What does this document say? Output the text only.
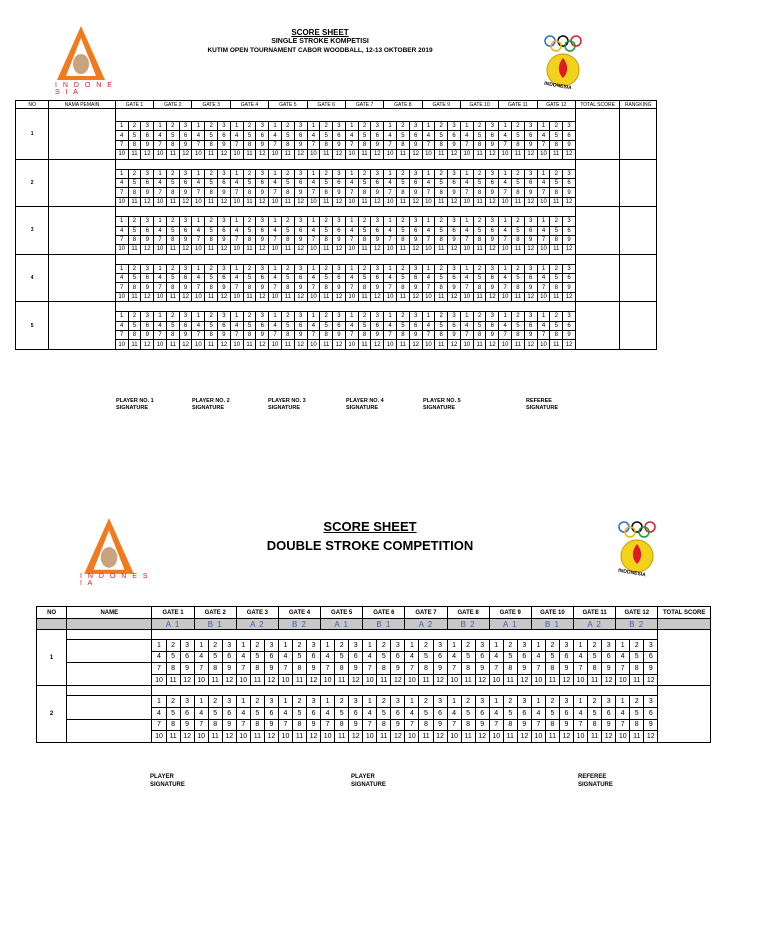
I N D O N E S I A
SCORE SHEET
SINGLE STROKE KOMPETISI
KUTIM OPEN TOURNAMENT CABOR WOODBALL, 12-13 OKTOBER 2019
INDONESIA
NO	NAMA PEMAIN	GATE 1			GATE 2			GATE 3			GATE 4			GATE 5			GATE 6			GATE 7			GATE 8			GATE 9			GATE 10			GATE 11			GATE 12			TOTAL SCORE	RANGKING
1																																							
		1	2	3	1	2	3	1	2	3	1	2	3	1	2	3	1	2	3	1	2	3	1	2	3	1	2	3	1	2	3	1	2	3	1	2	3		
		4	5	6	4	5	6	4	5	6	4	5	6	4	5	6	4	5	6	4	5	6	4	5	6	4	5	6	4	5	6	4	5	6	4	5	6		
		7	8	9	7	8	9	7	8	9	7	8	9	7	8	9	7	8	9	7	8	9	7	8	9	7	8	9	7	8	9	7	8	9	7	8	9		
		10	11	12	10	11	12	10	11	12	10	11	12	10	11	12	10	11	12	10	11	12	10	11	12	10	11	12	10	11	12	10	11	12	10	11	12		
2																																							
		1	2	3	1	2	3	1	2	3	1	2	3	1	2	3	1	2	3	1	2	3	1	2	3	1	2	3	1	2	3	1	2	3	1	2	3		
		4	5	6	4	5	6	4	5	6	4	5	6	4	5	6	4	5	6	4	5	6	4	5	6	4	5	6	4	5	6	4	5	6	4	5	6		
		7	8	9	7	8	9	7	8	9	7	8	9	7	8	9	7	8	9	7	8	9	7	8	9	7	8	9	7	8	9	7	8	9	7	8	9		
		10	11	12	10	11	12	10	11	12	10	11	12	10	11	12	10	11	12	10	11	12	10	11	12	10	11	12	10	11	12	10	11	12	10	11	12		
3																																							
		1	2	3	1	2	3	1	2	3	1	2	3	1	2	3	1	2	3	1	2	3	1	2	3	1	2	3	1	2	3	1	2	3	1	2	3		
		4	5	6	4	5	6	4	5	6	4	5	6	4	5	6	4	5	6	4	5	6	4	5	6	4	5	6	4	5	6	4	5	6	4	5	6		
		7	8	9	7	8	9	7	8	9	7	8	9	7	8	9	7	8	9	7	8	9	7	8	9	7	8	9	7	8	9	7	8	9	7	8	9		
		10	11	12	10	11	12	10	11	12	10	11	12	10	11	12	10	11	12	10	11	12	10	11	12	10	11	12	10	11	12	10	11	12	10	11	12		
4																																							
		1	2	3	1	2	3	1	2	3	1	2	3	1	2	3	1	2	3	1	2	3	1	2	3	1	2	3	1	2	3	1	2	3	1	2	3		
		4	5	6	4	5	6	4	5	6	4	5	6	4	5	6	4	5	6	4	5	6	4	5	6	4	5	6	4	5	6	4	5	6	4	5	6		
		7	8	9	7	8	9	7	8	9	7	8	9	7	8	9	7	8	9	7	8	9	7	8	9	7	8	9	7	8	9	7	8	9	7	8	9		
		10	11	12	10	11	12	10	11	12	10	11	12	10	11	12	10	11	12	10	11	12	10	11	12	10	11	12	10	11	12	10	11	12	10	11	12		
5																																							
		1	2	3	1	2	3	1	2	3	1	2	3	1	2	3	1	2	3	1	2	3	1	2	3	1	2	3	1	2	3	1	2	3	1	2	3		
		4	5	6	4	5	6	4	5	6	4	5	6	4	5	6	4	5	6	4	5	6	4	5	6	4	5	6	4	5	6	4	5	6	4	5	6		
		7	8	9	7	8	9	7	8	9	7	8	9	7	8	9	7	8	9	7	8	9	7	8	9	7	8	9	7	8	9	7	8	9	7	8	9		
		10	11	12	10	11	12	10	11	12	10	11	12	10	11	12	10	11	12	10	11	12	10	11	12	10	11	12	10	11	12	10	11	12	10	11	12		
PLAYER NO. 1
SIGNATURE
PLAYER NO. 2
SIGNATURE
PLAYER NO. 3
SIGNATURE
PLAYER NO. 4
SIGNATURE
PLAYER NO. 5
SIGNATURE
REFEREE
SIGNATURE
I N D O N E S I A
SCORE SHEET
DOUBLE STROKE COMPETITION
INDONESIA
NO	NAME	GATE 1			GATE 2			GATE 3			GATE 4			GATE 5			GATE 6			GATE 7			GATE 8			GATE 9			GATE 10			GATE 11			GATE 12			TOTAL SCORE
		A 1			B 1			A 2			B 2			A 1			B 1			A 2			B 2			A 1			B 1			A 2			B 2			
1																																						

		1	2	3	1	2	3	1	2	3	1	2	3	1	2	3	1	2	3	1	2	3	1	2	3	1	2	3	1	2	3	1	2	3	1	2	3	
		4	5	6	4	5	6	4	5	6	4	5	6	4	5	6	4	5	6	4	5	6	4	5	6	4	5	6	4	5	6	4	5	6	4	5	6	
		7	8	9	7	8	9	7	8	9	7	8	9	7	8	9	7	8	9	7	8	9	7	8	9	7	8	9	7	8	9	7	8	9	7	8	9	
		10	11	12	10	11	12	10	11	12	10	11	12	10	11	12	10	11	12	10	11	12	10	11	12	10	11	12	10	11	12	10	11	12	10	11	12	
2																																						

		1	2	3	1	2	3	1	2	3	1	2	3	1	2	3	1	2	3	1	2	3	1	2	3	1	2	3	1	2	3	1	2	3	1	2	3	
		4	5	6	4	5	6	4	5	6	4	5	6	4	5	6	4	5	6	4	5	6	4	5	6	4	5	6	4	5	6	4	5	6	4	5	6	
		7	8	9	7	8	9	7	8	9	7	8	9	7	8	9	7	8	9	7	8	9	7	8	9	7	8	9	7	8	9	7	8	9	7	8	9	
		10	11	12	10	11	12	10	11	12	10	11	12	10	11	12	10	11	12	10	11	12	10	11	12	10	11	12	10	11	12	10	11	12	10	11	12	
PLAYER
SIGNATURE
PLAYER
SIGNATURE
REFEREE
SIGNATURE
